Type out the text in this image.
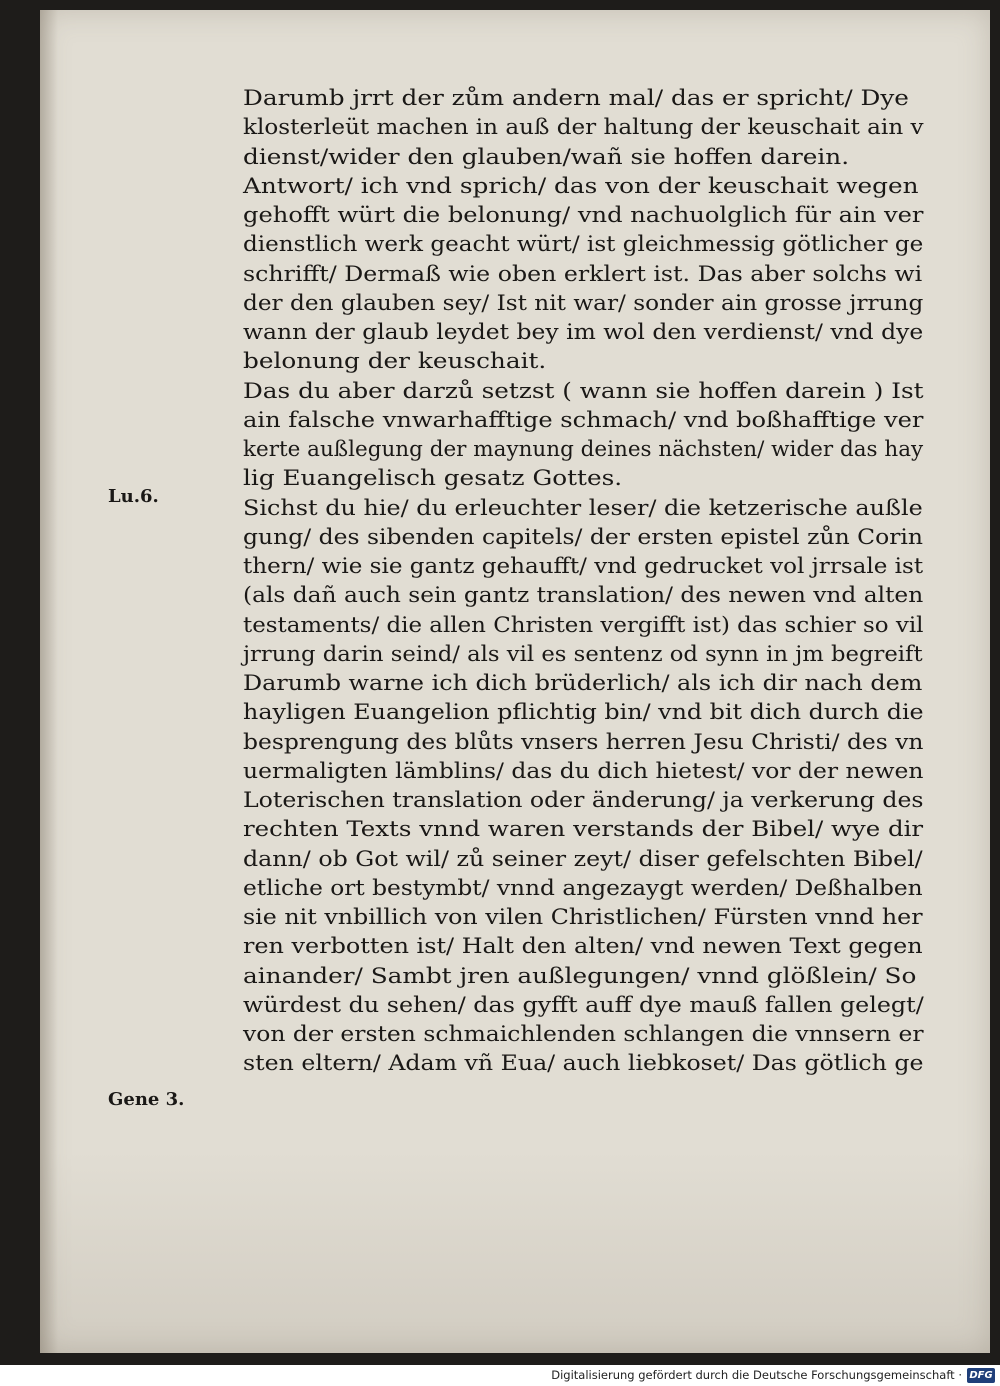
Darumb jrrt der zům andern mal/ das er spricht/ Dye
klosterleüt machen in auß der haltung der keuschait ain v
dienst/wider den glauben/wañ sie hoffen darein.
Antwort/ ich vnd sprich/ das von der keuschait wegen
gehofft würt die belonung/ vnd nachuolglich für ain ver
dienstlich werk geacht würt/ ist gleichmessig götlicher ge
schrifft/ Dermaß wie oben erklert ist. Das aber solchs wi
der den glauben sey/ Ist nit war/ sonder ain grosse jrrung
wann der glaub leydet bey im wol den verdienst/ vnd dye
belonung der keuschait.
Das du aber darzů setzst ( wann sie hoffen darein ) Ist
ain falsche vnwarhafftige schmach/ vnd boßhafftige ver
kerte außlegung der maynung deines nächsten/ wider das hay
lig Euangelisch gesatz Gottes.
Sichst du hie/ du erleuchter leser/ die ketzerische außle
gung/ des sibenden capitels/ der ersten epistel zůn Corin
thern/ wie sie gantz gehaufft/ vnd gedrucket vol jrrsale ist
(als dañ auch sein gantz translation/ des newen vnd alten
testaments/ die allen Christen vergifft ist) das schier so vil
jrrung darin seind/ als vil es sentenz od synn in jm begreift
Darumb warne ich dich brüderlich/ als ich dir nach dem
hayligen Euangelion pflichtig bin/ vnd bit dich durch die
besprengung des blůts vnsers herren Jesu Christi/ des vn
uermaligten lämblins/ das du dich hietest/ vor der newen
Loterischen translation oder änderung/ ja verkerung des
rechten Texts vnnd waren verstands der Bibel/ wye dir
dann/ ob Got wil/ zů seiner zeyt/ diser gefelschten Bibel/
etliche ort bestymbt/ vnnd angezaygt werden/ Deßhalben
sie nit vnbillich von vilen Christlichen/ Fürsten vnnd her
ren verbotten ist/ Halt den alten/ vnd newen Text gegen
ainander/ Sambt jren außlegungen/ vnnd glößlein/ So
würdest du sehen/ das gyfft auff dye mauß fallen gelegt/
von der ersten schmaichlenden schlangen die vnnsern er
sten eltern/ Adam vñ Eua/ auch liebkoset/ Das götlich ge
Lu.6.
Gene 3.
Digitalisierung gefördert durch die Deutsche Forschungsgemeinschaft · DFG
